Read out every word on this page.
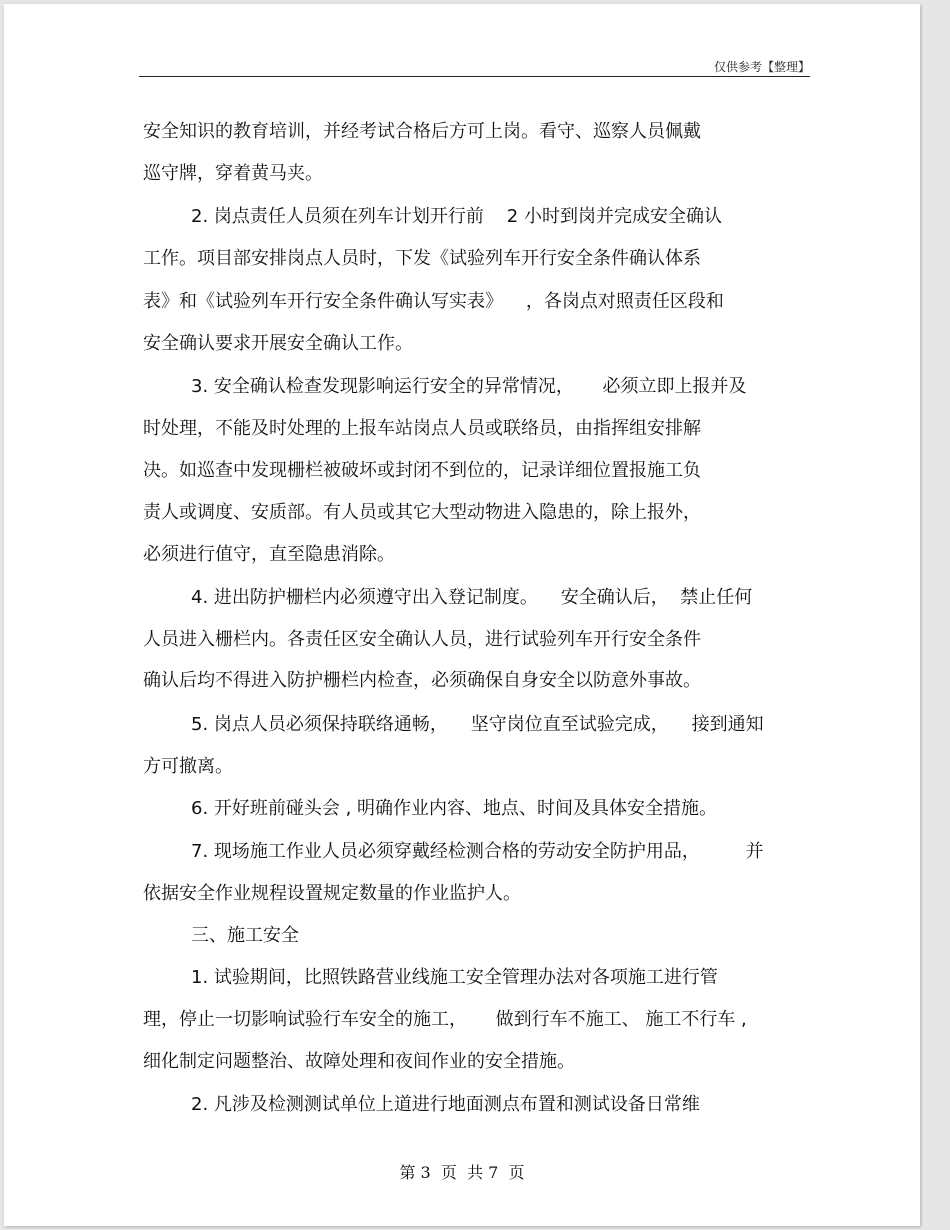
仅供参考【整理】
安全知识的教育培训，并经考试合格后方可上岗。看守、巡察人员佩戴
巡守牌，穿着黄马夹。
2. 岗点责任人员须在列车计划开行前    2 小时到岗并完成安全确认
工作。项目部安排岗点人员时，下发《试验列车开行安全条件确认体系
表》和《试验列车开行安全条件确认写实表》    ，各岗点对照责任区段和
安全确认要求开展安全确认工作。
3. 安全确认检查发现影响运行安全的异常情况，     必须立即上报并及
时处理，不能及时处理的上报车站岗点人员或联络员，由指挥组安排解
决。如巡查中发现栅栏被破坏或封闭不到位的，记录详细位置报施工负
责人或调度、安质部。有人员或其它大型动物进入隐患的，除上报外，
必须进行值守，直至隐患消除。
4. 进出防护栅栏内必须遵守出入登记制度。    安全确认后，  禁止任何
人员进入栅栏内。各责任区安全确认人员，进行试验列车开行安全条件
确认后均不得进入防护栅栏内检查，必须确保自身安全以防意外事故。
5. 岗点人员必须保持联络通畅，    坚守岗位直至试验完成，    接到通知
方可撤离。
6. 开好班前碰头会 , 明确作业内容、地点、时间及具体安全措施。
7. 现场施工作业人员必须穿戴经检测合格的劳动安全防护用品，        并
依据安全作业规程设置规定数量的作业监护人。
三、施工安全
1. 试验期间，比照铁路营业线施工安全管理办法对各项施工进行管
理，停止一切影响试验行车安全的施工，     做到行车不施工、 施工不行车 ,
细化制定问题整治、故障处理和夜间作业的安全措施。
2. 凡涉及检测测试单位上道进行地面测点布置和测试设备日常维
第 3  页  共 7  页
